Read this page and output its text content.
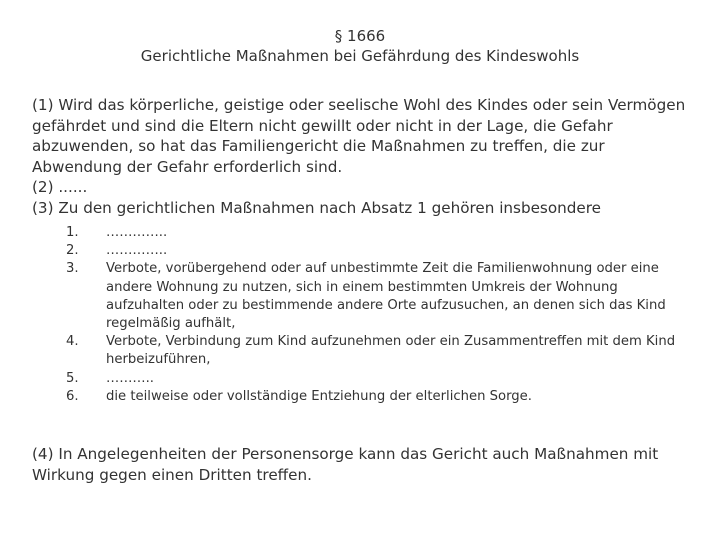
§ 1666
Gerichtliche Maßnahmen bei Gefährdung des Kindeswohls

(1) Wird das körperliche, geistige oder seelische Wohl des Kindes oder sein Vermögen gefährdet und sind die Eltern nicht gewillt oder nicht in der Lage, die Gefahr abzuwenden, so hat das Familiengericht die Maßnahmen zu treffen, die zur Abwendung der Gefahr erforderlich sind.

(2) ......

(3) Zu den gerichtlichen Maßnahmen nach Absatz 1 gehören insbesondere

1. …………..
2. …………..
3. Verbote, vorübergehend oder auf unbestimmte Zeit die Familienwohnung oder eine andere Wohnung zu nutzen, sich in einem bestimmten Umkreis der Wohnung aufzuhalten oder zu bestimmende andere Orte aufzusuchen, an denen sich das Kind regelmäßig aufhält,
4. Verbote, Verbindung zum Kind aufzunehmen oder ein Zusammentreffen mit dem Kind herbeizuführen,
5. ………..
6. die teilweise oder vollständige Entziehung der elterlichen Sorge.

(4) In Angelegenheiten der Personensorge kann das Gericht auch Maßnahmen mit Wirkung gegen einen Dritten treffen.
